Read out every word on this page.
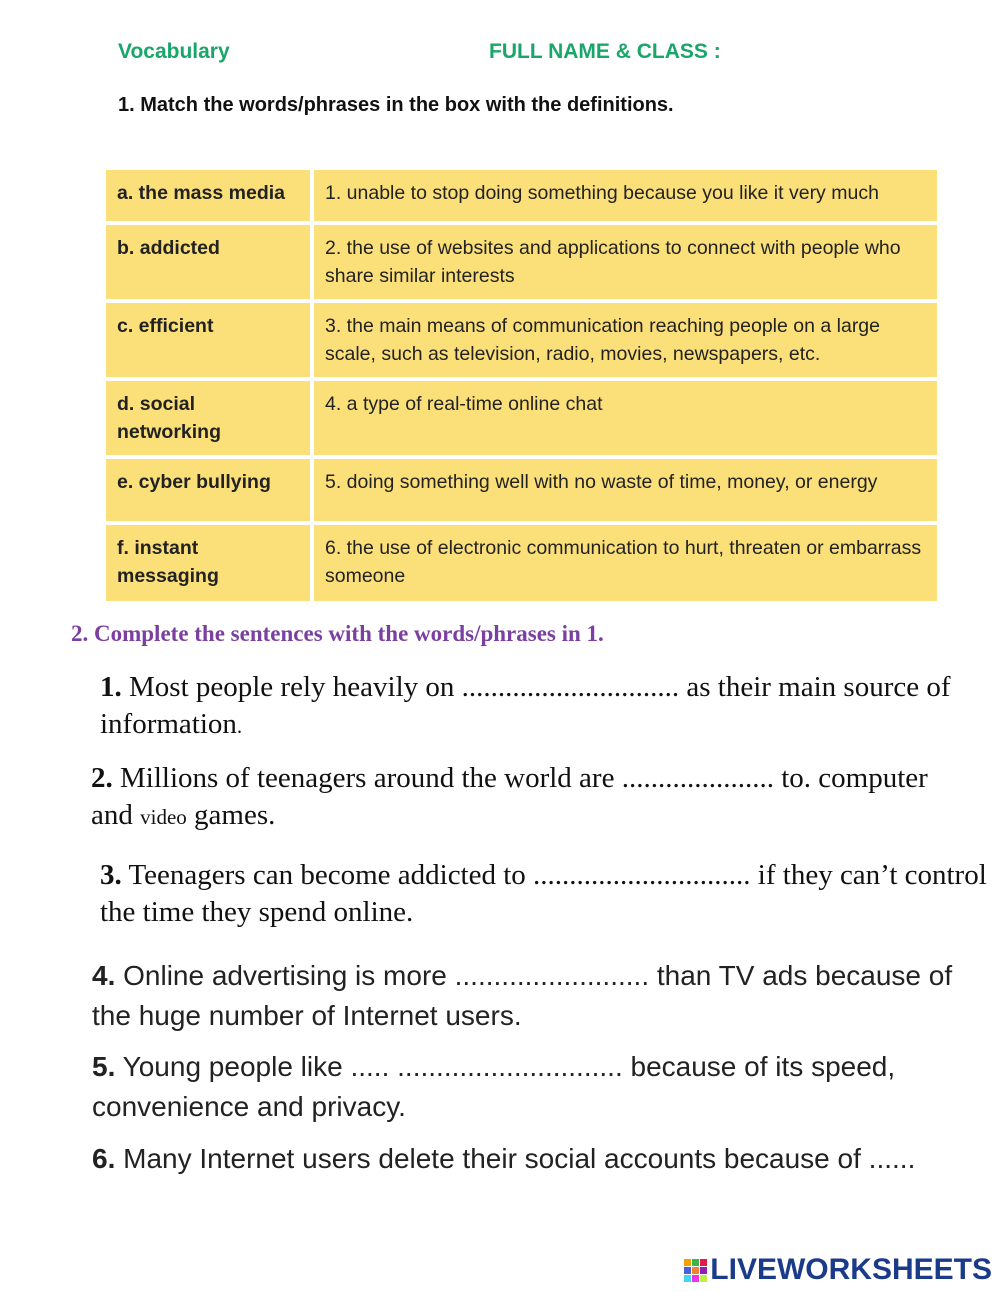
Vocabulary	FULL NAME & CLASS :
1. Match the words/phrases in the box with the definitions.
a. the mass media	1. unable to stop doing something because you like it very much
b. addicted	2. the use of websites and applications to connect with people who share similar interests
c. efficient	3. the main means of communication reaching people on a large scale, such as television, radio, movies, newspapers, etc.
d. social networking	4. a type of real-time online chat
e. cyber bullying	5. doing something well with no waste of time, money, or energy
f. instant messaging	6. the use of electronic communication to hurt, threaten or embarrass someone
2. Complete the sentences with the words/phrases in 1.
1. Most people rely heavily on .............................. as their main source of information.
2. Millions of teenagers around the world are ..................... to. computer and video games.
3. Teenagers can become addicted to .............................. if they can’t control the time they spend online.
4. Online advertising is more ......................... than TV ads because of the huge number of Internet users.
5. Young people like ..... ............................. because of its speed, convenience and privacy.
6. Many Internet users delete their social accounts because of ......
LIVEWORKSHEETS
